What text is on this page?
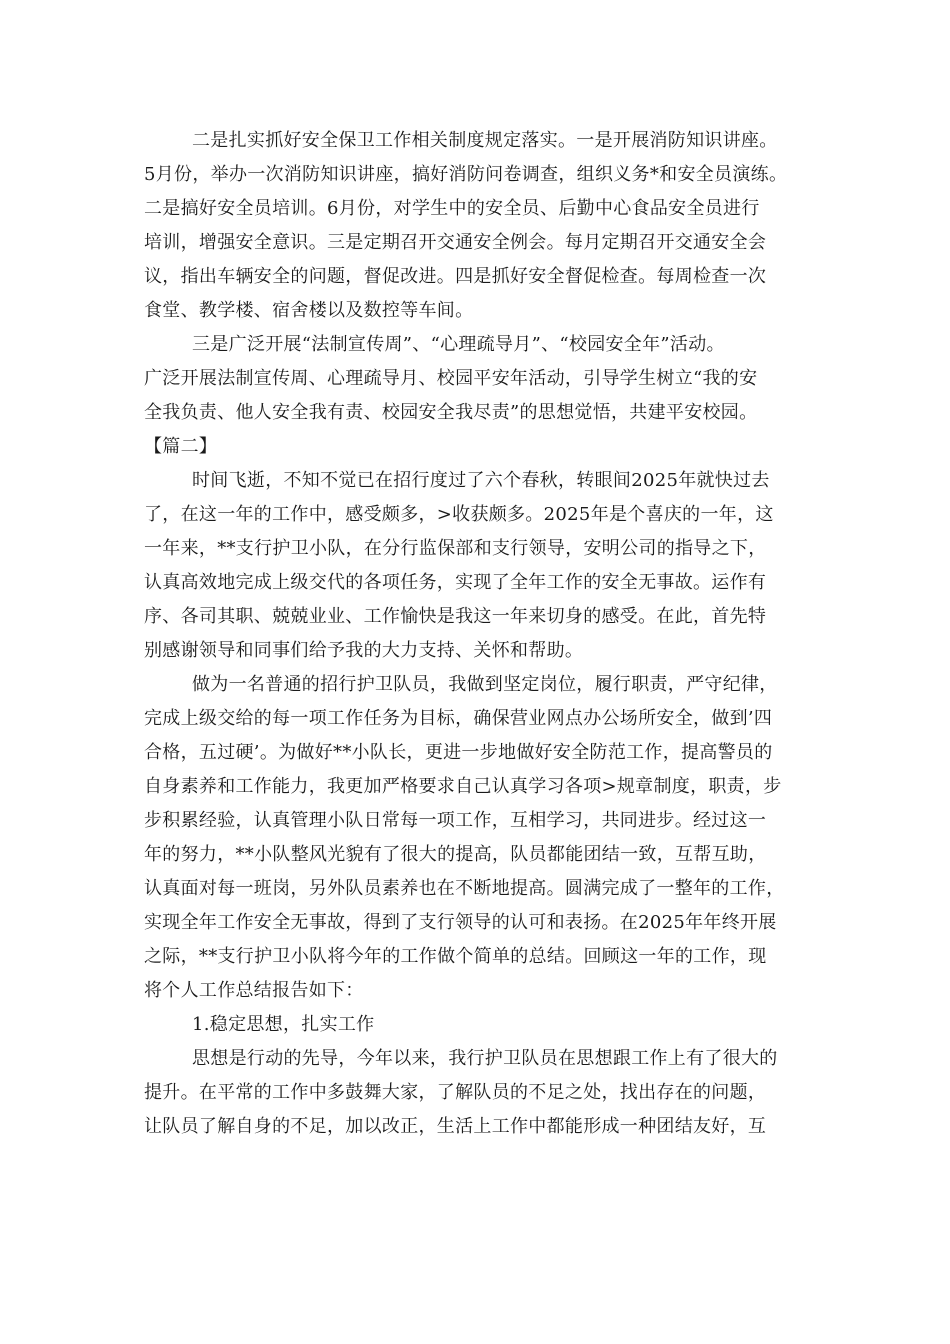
二是扎实抓好安全保卫工作相关制度规定落实。一是开展消防知识讲座。
5月份，举办一次消防知识讲座，搞好消防问卷调查，组织义务*和安全员演练。
二是搞好安全员培训。6月份，对学生中的安全员、后勤中心食品安全员进行
培训，增强安全意识。三是定期召开交通安全例会。每月定期召开交通安全会
议，指出车辆安全的问题，督促改进。四是抓好安全督促检查。每周检查一次
食堂、教学楼、宿舍楼以及数控等车间。
三是广泛开展“法制宣传周”、“心理疏导月”、“校园安全年”活动。
广泛开展法制宣传周、心理疏导月、校园平安年活动，引导学生树立“我的安
全我负责、他人安全我有责、校园安全我尽责”的思想觉悟，共建平安校园。
【篇二】
时间飞逝，不知不觉已在招行度过了六个春秋，转眼间2025年就快过去
了，在这一年的工作中，感受颇多，>收获颇多。2025年是个喜庆的一年，这
一年来，**支行护卫小队，在分行监保部和支行领导，安明公司的指导之下，
认真高效地完成上级交代的各项任务，实现了全年工作的安全无事故。运作有
序、各司其职、兢兢业业、工作愉快是我这一年来切身的感受。在此，首先特
别感谢领导和同事们给予我的大力支持、关怀和帮助。
做为一名普通的招行护卫队员，我做到坚定岗位，履行职责，严守纪律，
完成上级交给的每一项工作任务为目标，确保营业网点办公场所安全，做到’四
合格，五过硬’。为做好**小队长，更进一步地做好安全防范工作，提高警员的
自身素养和工作能力，我更加严格要求自己认真学习各项>规章制度，职责，步
步积累经验，认真管理小队日常每一项工作，互相学习，共同进步。经过这一
年的努力，**小队整风光貌有了很大的提高，队员都能团结一致，互帮互助，
认真面对每一班岗，另外队员素养也在不断地提高。圆满完成了一整年的工作，
实现全年工作安全无事故，得到了支行领导的认可和表扬。在2025年年终开展
之际，**支行护卫小队将今年的工作做个简单的总结。回顾这一年的工作，现
将个人工作总结报告如下：
1.稳定思想，扎实工作
思想是行动的先导，今年以来，我行护卫队员在思想跟工作上有了很大的
提升。在平常的工作中多鼓舞大家，了解队员的不足之处，找出存在的问题，
让队员了解自身的不足，加以改正，生活上工作中都能形成一种团结友好，互
